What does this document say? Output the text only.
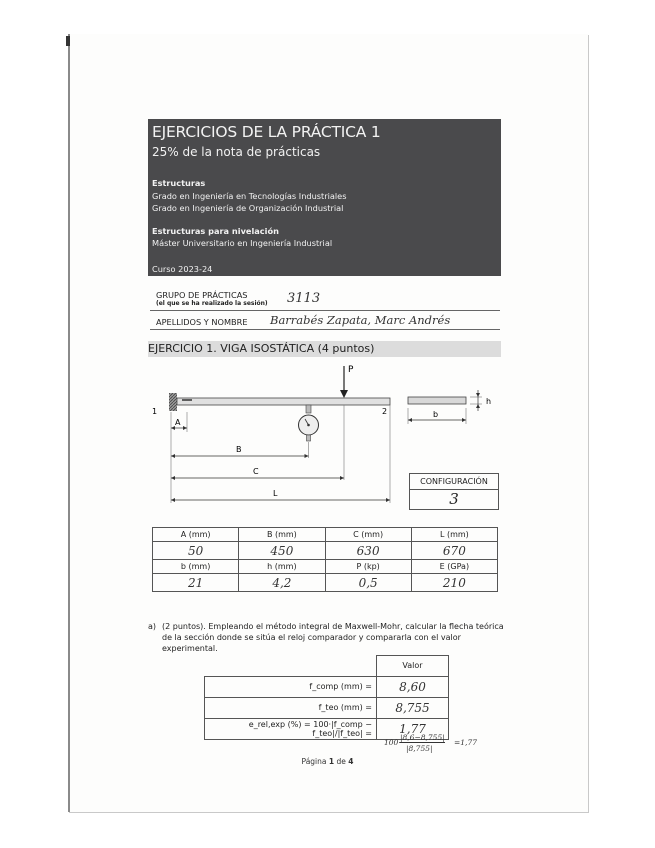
EJERCICIOS DE LA PRÁCTICA 1
25% de la nota de prácticas
Estructuras
Grado en Ingeniería en Tecnologías Industriales
Grado en Ingeniería de Organización Industrial
Estructuras para nivelación
Máster Universitario en Ingeniería Industrial
Curso 2023-24
GRUPO DE PRÁCTICAS
(el que se ha realizado la sesión) 3113
APELLIDOS Y NOMBRE Barrabés Zapata, Marc Andrés
EJERCICIO 1. VIGA ISOSTÁTICA (4 puntos)
P
1	2
A
B
C
L
b
h
CONFIGURACIÓN
3
A (mm)	B (mm)	C (mm)	L (mm)
50	450	630	670
b (mm)	h (mm)	P (kp)	E (GPa)
21	4,2	0,5	210
a) (2 puntos). Empleando el método integral de Maxwell-Mohr, calcular la flecha teórica de la sección donde se sitúa el reloj comparador y compararla con el valor experimental.
	Valor
f_comp (mm) =	8,60
f_teo (mm) =	8,755
e_rel,exp (%) = 100·|f_comp − f_teo|/|f_teo| =	1,77
100·
|8,6−8,755|
|8,755|
=1,77
Página 1 de 4
